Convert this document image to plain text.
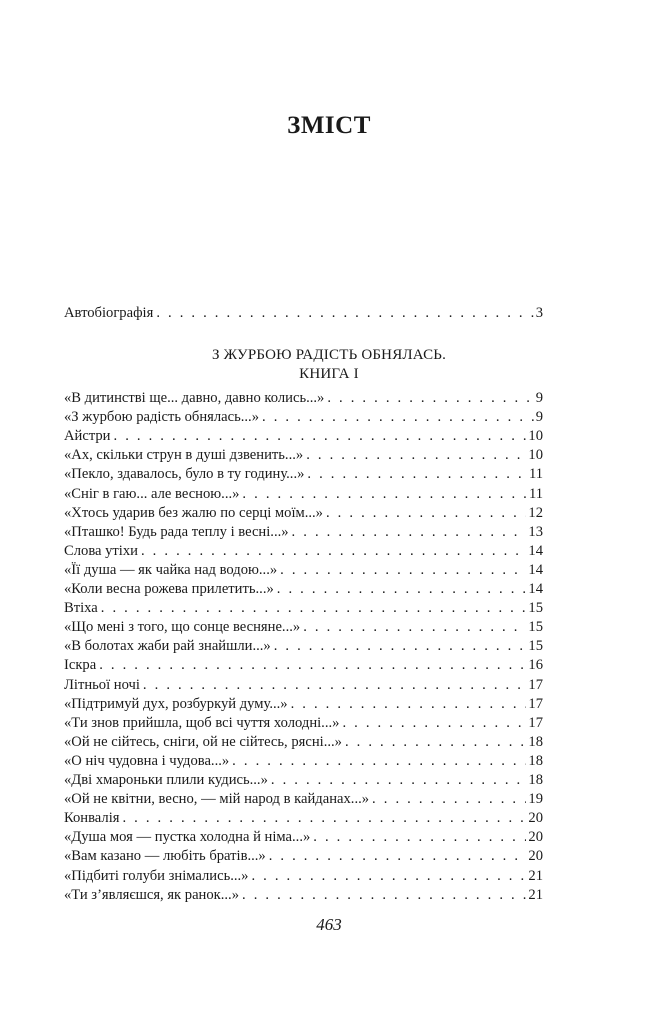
ЗМІСТ
Автобіографія . . .	3
З ЖУРБОЮ РАДІСТЬ ОБНЯЛАСЬ.
КНИГА I
«В дитинстві ще... давно, давно колись...» . . .	9
«З журбою радість обнялась...» . . .	9
Айстри . . .	10
«Ах, скільки струн в душі дзвенить...» . . .	10
«Пекло, здавалось, було в ту годину...» . . .	11
«Сніг в гаю... але весною...» . . .	11
«Хтось ударив без жалю по серці моїм...» . . .	12
«Пташко! Будь рада теплу і весні...» . . .	13
Слова утіхи . . .	14
«Її душа — як чайка над водою...» . . .	14
«Коли весна рожева прилетить...» . . .	14
Втіха . . .	15
«Що мені з того, що сонце весняне...» . . .	15
«В болотах жаби рай знайшли...» . . .	15
Іскра . . .	16
Літньої ночі . . .	17
«Підтримуй дух, розбуркуй думу...» . . .	17
«Ти знов прийшла, щоб всі чуття холодні...» . . .	17
«Ой не сійтесь, сніги, ой не сійтесь, рясні...» . . .	18
«О ніч чудовна і чудова...» . . .	18
«Дві хмароньки плили кудись...» . . .	18
«Ой не квітни, весно, — мій народ в кайданах...» . . .	19
Конвалія . . .	20
«Душа моя — пустка холодна й німа...» . . .	20
«Вам казано — любіть братів...» . . .	20
«Підбиті голуби знімались...» . . .	21
«Ти з’являєшся, як ранок...» . . .	21
463
